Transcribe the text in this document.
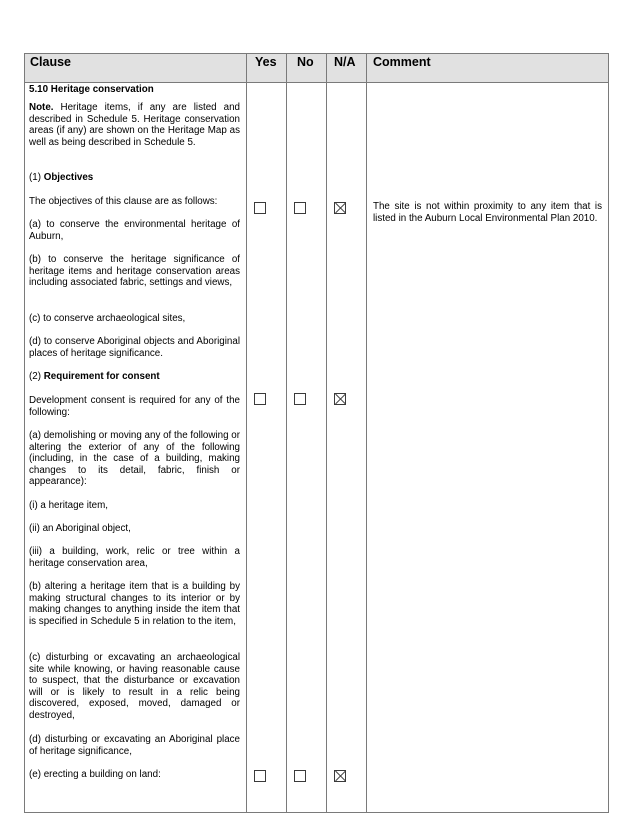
Clause	Yes No N/A Comment
5.10 Heritage conservation
Note. Heritage items, if any are listed and described in Schedule 5. Heritage conservation areas (if any) are shown on the Heritage Map as well as being described in Schedule 5.
(1) Objectives
The objectives of this clause are as follows:
(a) to conserve the environmental heritage of Auburn,
(b) to conserve the heritage significance of heritage items and heritage conservation areas including associated fabric, settings and views,
(c) to conserve archaeological sites,
(d) to conserve Aboriginal objects and Aboriginal places of heritage significance.
(2) Requirement for consent
Development consent is required for any of the following:
(a) demolishing or moving any of the following or altering the exterior of any of the following (including, in the case of a building, making changes to its detail, fabric, finish or appearance):
(i) a heritage item,
(ii) an Aboriginal object,
(iii) a building, work, relic or tree within a heritage conservation area,
(b) altering a heritage item that is a building by making structural changes to its interior or by making changes to anything inside the item that is specified in Schedule 5 in relation to the item,
(c) disturbing or excavating an archaeological site while knowing, or having reasonable cause to suspect, that the disturbance or excavation will or is likely to result in a relic being discovered, exposed, moved, damaged or destroyed,
(d) disturbing or excavating an Aboriginal place of heritage significance,
(e) erecting a building on land:
The site is not within proximity to any item that is listed in the Auburn Local Environmental Plan 2010.
